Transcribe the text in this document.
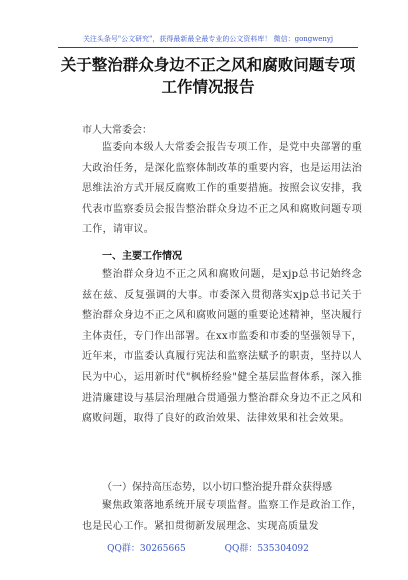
关注头条号"公文研究"，获得最新最全最专业的公文资料库！ 微信：gongwenyj
关于整治群众身边不正之风和腐败问题专项工作情况报告
市人大常委会：
监委向本级人大常委会报告专项工作，是党中央部署的重大政治任务，是深化监察体制改革的重要内容，也是运用法治思维法治方式开展反腐败工作的重要措施。按照会议安排，我代表市监察委员会报告整治群众身边不正之风和腐败问题专项工作，请审议。
一、主要工作情况
整治群众身边不正之风和腐败问题，是xjp总书记始终念兹在兹、反复强调的大事。市委深入贯彻落实xjp总书记关于整治群众身边不正之风和腐败问题的重要论述精神，坚决履行主体责任，专门作出部署。在xx市监委和市委的坚强领导下，近年来，市监委认真履行宪法和监察法赋予的职责，坚持以人民为中心，运用新时代"枫桥经验"健全基层监督体系，深入推进清廉建设与基层治理融合贯通强力整治群众身边不正之风和腐败问题，取得了良好的政治效果、法律效果和社会效果。
（一）保持高压态势，以小切口整治提升群众获得感
聚焦政策落地系统开展专项监督。监察工作是政治工作，也是民心工作。紧扣贯彻新发展理念、实现高质量发
QQ群：30265665	QQ群：535304092
